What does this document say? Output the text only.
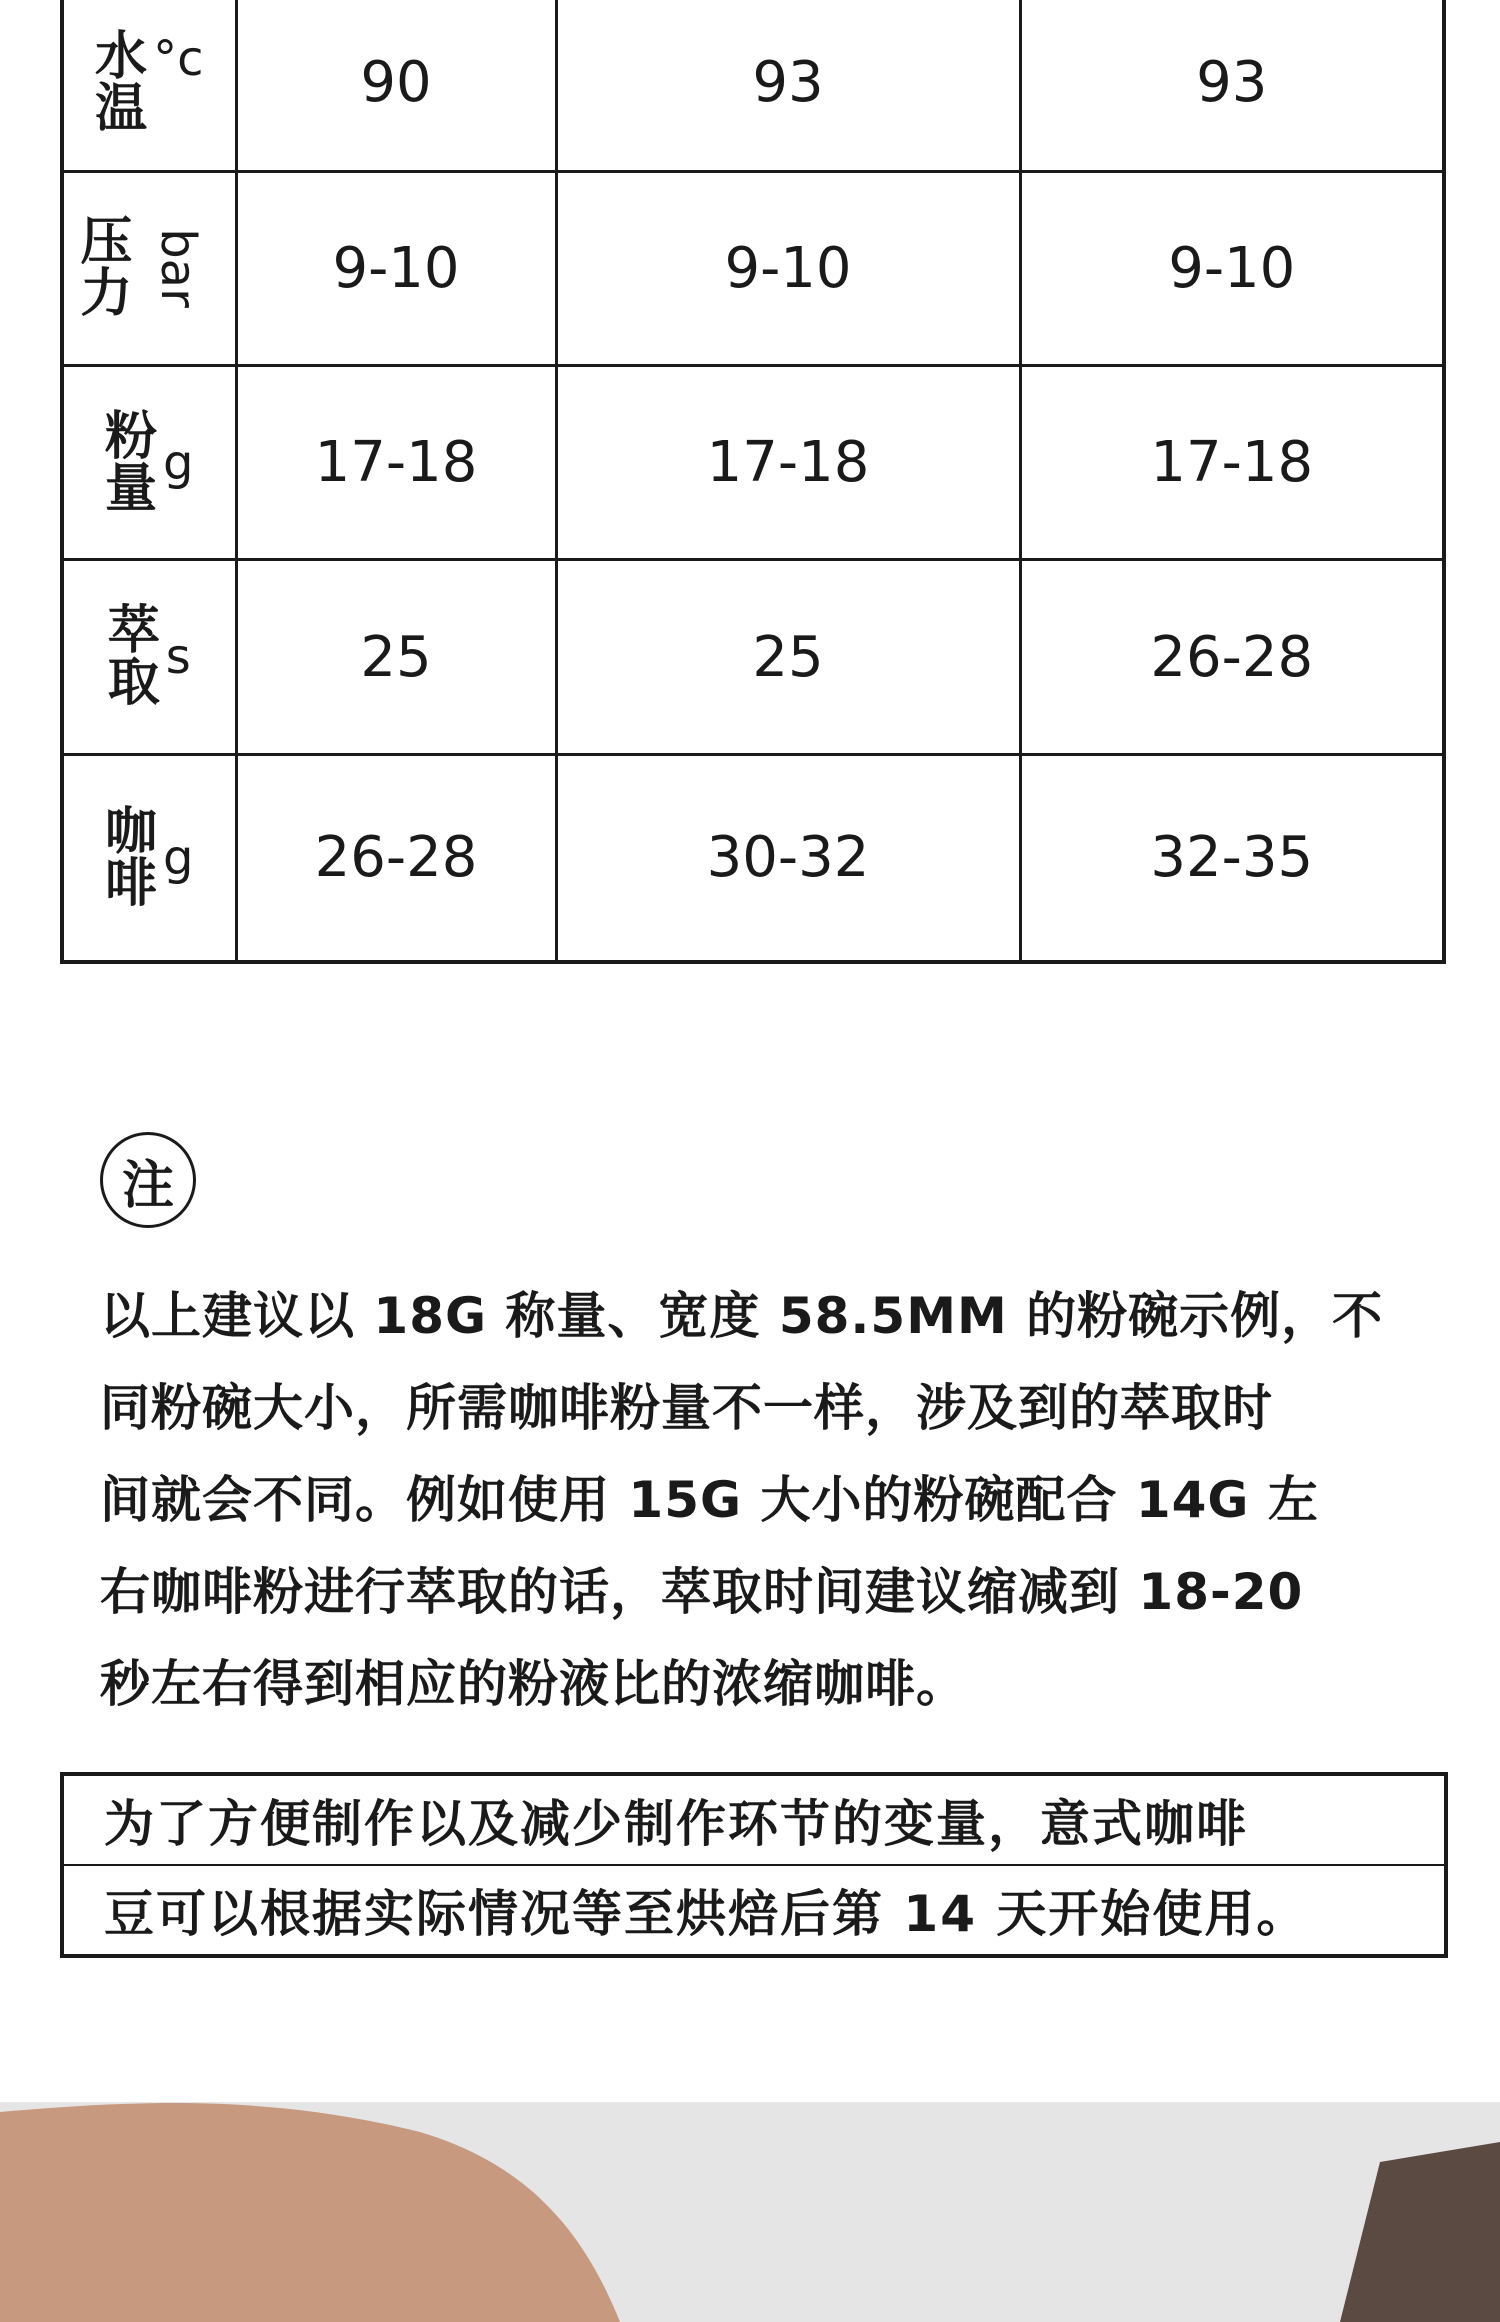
水
温
°c	90	93	93

压
力 bar	9-10	9-10	9-10

粉
量 g	17-18	17-18	17-18

萃
取 s	25	25	26-28

咖
啡 g	26-28	30-32	32-35
注

以上建议以 18G 称量、宽度 58.5MM 的粉碗示例，不
同粉碗大小，所需咖啡粉量不一样，涉及到的萃取时
间就会不同。例如使用 15G 大小的粉碗配合 14G 左
右咖啡粉进行萃取的话，萃取时间建议缩减到 18-20
秒左右得到相应的粉液比的浓缩咖啡。

为了方便制作以及减少制作环节的变量，意式咖啡
豆可以根据实际情况等至烘焙后第 14 天开始使用。
